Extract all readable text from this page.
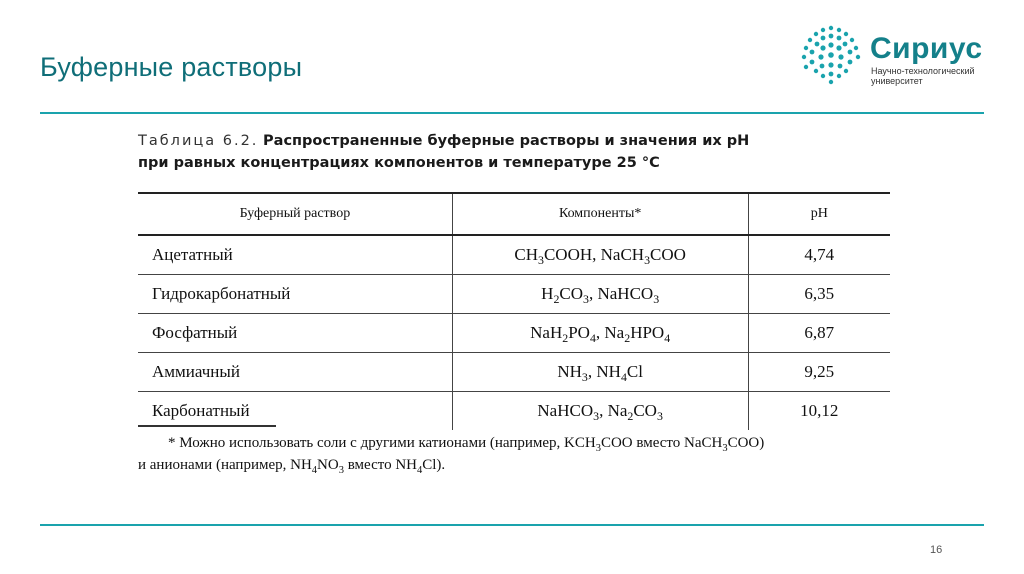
Буферные растворы
Сириус
Научно-технологический
университет
Таблица 6.2. Распространенные буферные растворы и значения их pH
при равных концентрациях компонентов и температуре 25 °С
Буферный раствор	Компоненты*	pH
Ацетатный	$CH_3COOH$, NaCH$_3$COO	4,74
Гидрокарбонатный	$H_2CO_3$, NaHCO$_3$	6,35
Фосфатный	$NaH_2PO_4$, $Na_2HPO_4$	6,87
Аммиачный	$NH_3$, $NH_4Cl$	9,25
Карбонатный	NaHCO$_3$, $Na_2CO_3$	10,12
* Можно использовать соли с другими катионами (например, $KCH_3COO$ вместо NaCH$_3$COO)
и анионами (например, $NH_4NO_3$ вместо $NH_4Cl$).
16
